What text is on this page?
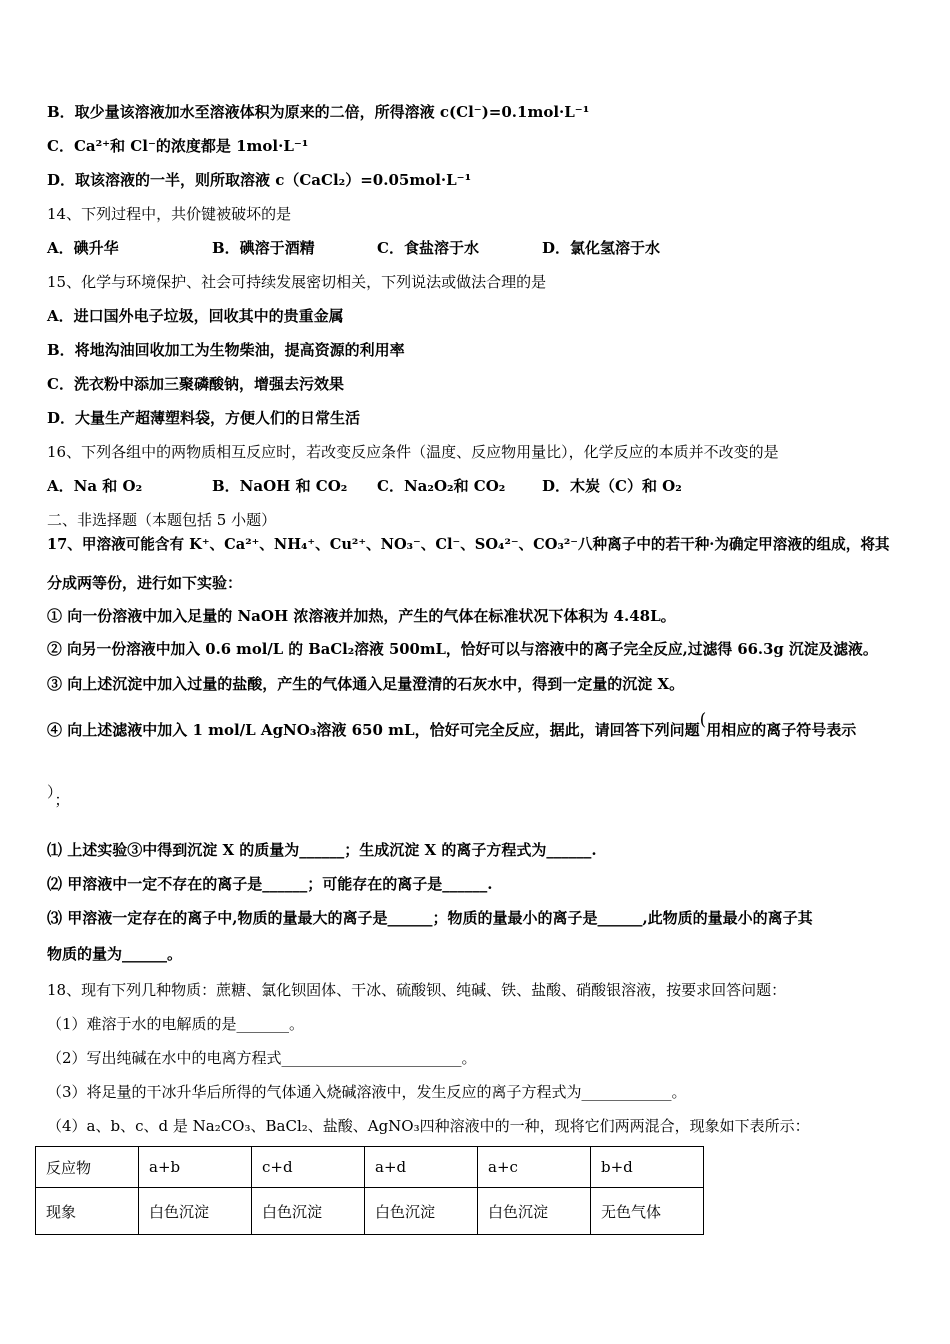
B．取少量该溶液加水至溶液体积为原来的二倍，所得溶液 c(Cl⁻)=0.1mol·L⁻¹
C．Ca²⁺和 Cl⁻的浓度都是 1mol·L⁻¹
D．取该溶液的一半，则所取溶液 c（CaCl₂）=0.05mol·L⁻¹
14、下列过程中，共价键被破坏的是
A．碘升华	B．碘溶于酒精	C．食盐溶于水	D．氯化氢溶于水
15、化学与环境保护、社会可持续发展密切相关，下列说法或做法合理的是
A．进口国外电子垃圾，回收其中的贵重金属
B．将地沟油回收加工为生物柴油，提高资源的利用率
C．洗衣粉中添加三聚磷酸钠，增强去污效果
D．大量生产超薄塑料袋，方便人们的日常生活
16、下列各组中的两物质相互反应时，若改变反应条件（温度、反应物用量比），化学反应的本质并不改变的是
A．Na 和 O₂	B．NaOH 和 CO₂ C．Na₂O₂和 CO₂ D．木炭（C）和 O₂
二、非选择题（本题包括 5 小题）
17、甲溶液可能含有 K⁺、Ca²⁺、NH₄⁺、Cu²⁺、NO₃⁻、Cl⁻、SO₄²⁻、CO₃²⁻八种离子中的若干种·为确定甲溶液的组成，将其
分成两等份，进行如下实验：
① 向一份溶液中加入足量的 NaOH 浓溶液并加热，产生的气体在标准状况下体积为 4.48L。
② 向另一份溶液中加入 0.6 mol/L 的 BaCl₂溶液 500mL，恰好可以与溶液中的离子完全反应,过滤得 66.3g 沉淀及滤液。
③ 向上述沉淀中加入过量的盐酸，产生的气体通入足量澄清的石灰水中，得到一定量的沉淀 X。
④ 向上述滤液中加入 1 mol/L AgNO₃溶液 650 mL，恰好可完全反应，据此，请回答下列问题(用相应的离子符号表示
）；
⑴ 上述实验③中得到沉淀 X 的质量为______；生成沉淀 X 的离子方程式为______.
⑵ 甲溶液中一定不存在的离子是______；可能存在的离子是______.
⑶ 甲溶液一定存在的离子中,物质的量最大的离子是______；物质的量最小的离子是______,此物质的量最小的离子其
物质的量为______。
18、现有下列几种物质：蔗糖、氯化钡固体、干冰、硫酸钡、纯碱、铁、盐酸、硝酸银溶液，按要求回答问题：
（1）难溶于水的电解质的是_______。
（2）写出纯碱在水中的电离方程式________________________。
（3）将足量的干冰升华后所得的气体通入烧碱溶液中，发生反应的离子方程式为____________。
（4）a、b、c、d 是 Na₂CO₃、BaCl₂、盐酸、AgNO₃四种溶液中的一种，现将它们两两混合，现象如下表所示：
反应物	a+b	c+d	a+d	a+c	b+d
现象	白色沉淀	白色沉淀	白色沉淀	白色沉淀	无色气体
